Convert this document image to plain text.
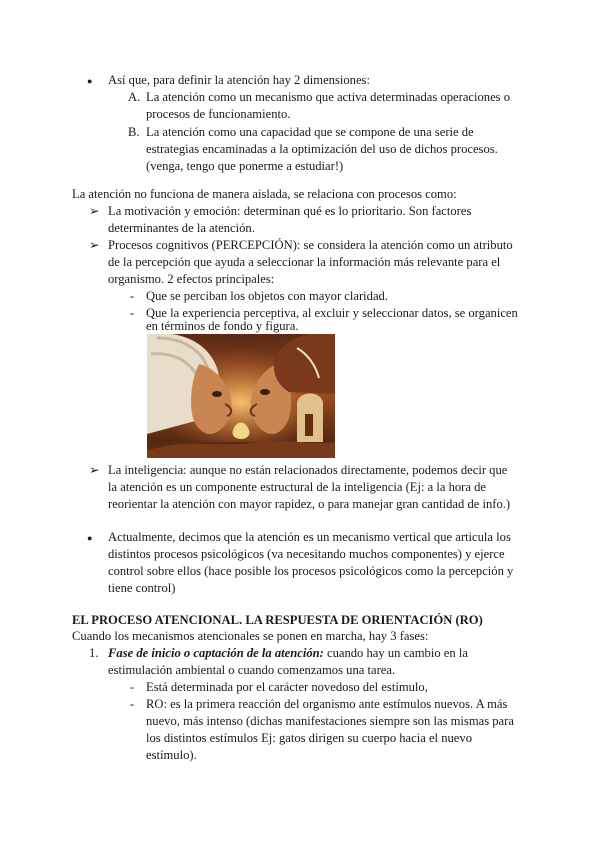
● Así que, para definir la atención hay 2 dimensiones:
A. La atención como un mecanismo que activa determinadas operaciones o
procesos de funcionamiento.
B. La atención como una capacidad que se compone de una serie de
estrategias encaminadas a la optimización del uso de dichos procesos.
(venga, tengo que ponerme a estudiar!)
La atención no funciona de manera aislada, se relaciona con procesos como:
➢ La motivación y emoción: determinan qué es lo prioritario. Son factores
determinantes de la atención.
➢ Procesos cognitivos (PERCEPCIÓN): se considera la atención como un atributo
de la percepción que ayuda a seleccionar la información más relevante para el
organismo. 2 efectos principales:
- Que se perciban los objetos con mayor claridad.
- Que la experiencia perceptiva, al excluir y seleccionar datos, se organicen
en términos de fondo y figura.
➢ La inteligencia: aunque no están relacionados directamente, podemos decir que
la atención es un componente estructural de la inteligencia (Ej: a la hora de
reorientar la atención con mayor rapidez, o para manejar gran cantidad de info.)
● Actualmente, decimos que la atención es un mecanismo vertical que articula los
distintos procesos psicológicos (va necesitando muchos componentes) y ejerce
control sobre ellos (hace posible los procesos psicológicos como la percepción y
tiene control)
EL PROCESO ATENCIONAL. LA RESPUESTA DE ORIENTACIÓN (RO)
Cuando los mecanismos atencionales se ponen en marcha, hay 3 fases:
1. Fase de inicio o captación de la atención: cuando hay un cambio en la
estimulación ambiental o cuando comenzamos una tarea.
- Está determinada por el carácter novedoso del estímulo,
- RO: es la primera reacción del organismo ante estímulos nuevos. A más
nuevo, más intenso (dichas manifestaciones siempre son las mismas para
los distintos estímulos Ej: gatos dirigen su cuerpo hacia el nuevo
estímulo).
